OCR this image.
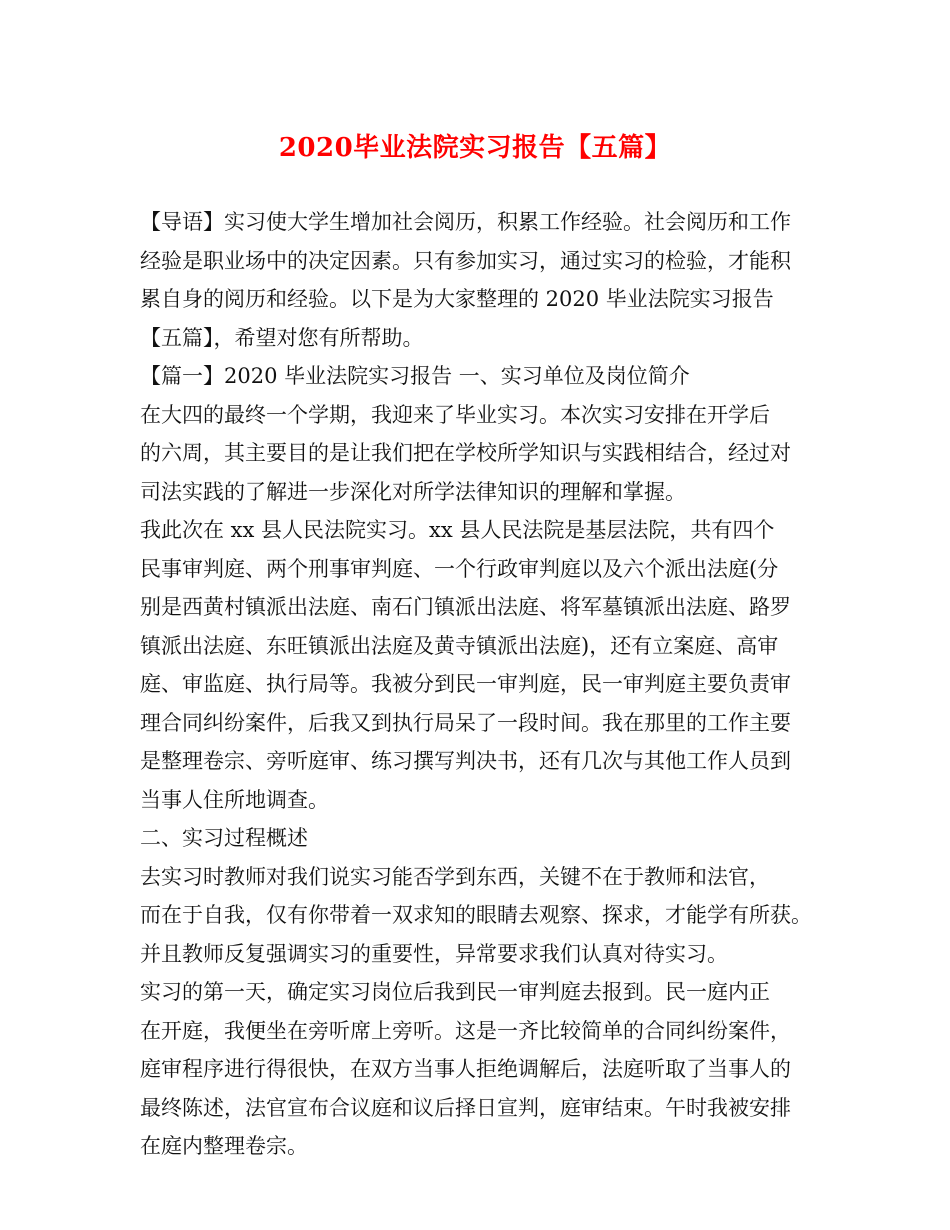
2020毕业法院实习报告【五篇】
【导语】实习使大学生增加社会阅历，积累工作经验。社会阅历和工作
经验是职业场中的决定因素。只有参加实习，通过实习的检验，才能积
累自身的阅历和经验。以下是为大家整理的 2020 毕业法院实习报告
【五篇】，希望对您有所帮助。
【篇一】2020 毕业法院实习报告 一、实习单位及岗位简介
在大四的最终一个学期，我迎来了毕业实习。本次实习安排在开学后
的六周，其主要目的是让我们把在学校所学知识与实践相结合，经过对
司法实践的了解进一步深化对所学法律知识的理解和掌握。
我此次在 xx 县人民法院实习。xx 县人民法院是基层法院，共有四个
民事审判庭、两个刑事审判庭、一个行政审判庭以及六个派出法庭(分
别是西黄村镇派出法庭、南石门镇派出法庭、将军墓镇派出法庭、路罗
镇派出法庭、东旺镇派出法庭及黄寺镇派出法庭)，还有立案庭、高审
庭、审监庭、执行局等。我被分到民一审判庭，民一审判庭主要负责审
理合同纠纷案件，后我又到执行局呆了一段时间。我在那里的工作主要
是整理卷宗、旁听庭审、练习撰写判决书，还有几次与其他工作人员到
当事人住所地调查。
二、实习过程概述
去实习时教师对我们说实习能否学到东西，关键不在于教师和法官，
而在于自我，仅有你带着一双求知的眼睛去观察、探求，才能学有所获。
并且教师反复强调实习的重要性，异常要求我们认真对待实习。
实习的第一天，确定实习岗位后我到民一审判庭去报到。民一庭内正
在开庭，我便坐在旁听席上旁听。这是一齐比较简单的合同纠纷案件，
庭审程序进行得很快，在双方当事人拒绝调解后，法庭听取了当事人的
最终陈述，法官宣布合议庭和议后择日宣判，庭审结束。午时我被安排
在庭内整理卷宗。
